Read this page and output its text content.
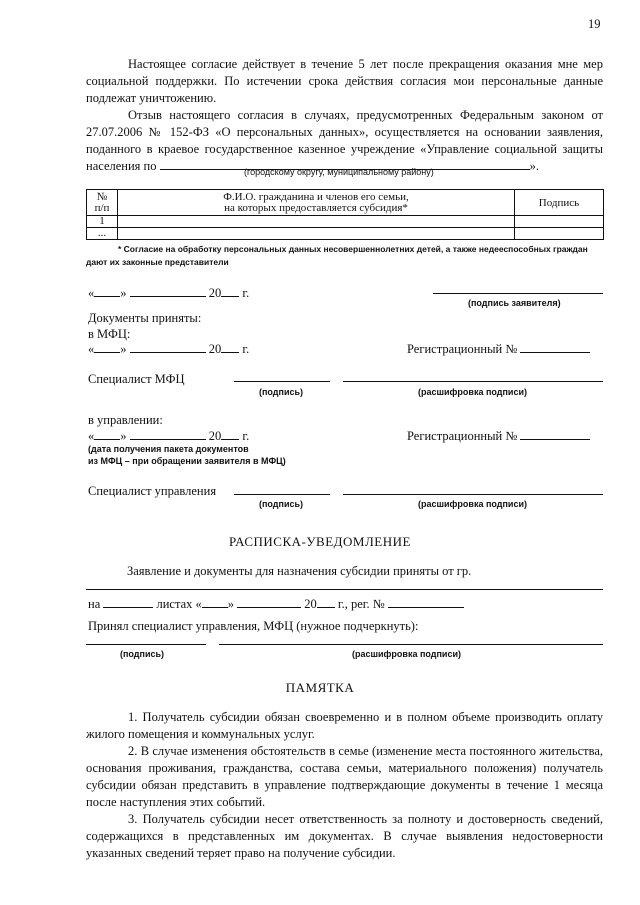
19
Настоящее согласие действует в течение 5 лет после прекращения оказания мне мер социальной поддержки. По истечении срока действия согласия мои персональные данные подлежат уничтожению.
Отзыв настоящего согласия в случаях, предусмотренных Федеральным законом от 27.07.2006 № 152-ФЗ «О персональных данных», осуществляется на основании заявления, поданного в краевое государственное казенное учреждение «Управление социальной защиты населения по	».
(городскому округу, муниципальному району)
№
п/п	Ф.И.О. гражданина и членов его семьи,
на которых предоставляется субсидия*	Подпись
1		
...		
* Согласие на обработку персональных данных несовершеннолетних детей, а также недееспособных граждан дают их законные представители
« »	20 г.
(подпись заявителя)
Документы приняты:
в МФЦ:
« »	20 г.	Регистрационный №
Специалист МФЦ
(подпись)	(расшифровка подписи)
в управлении:
« »	20 г.	Регистрационный №
(дата получения пакета документов
из МФЦ – при обращении заявителя в МФЦ)
Специалист управления
(подпись)	(расшифровка подписи)
РАСПИСКА-УВЕДОМЛЕНИЕ
Заявление и документы для назначения субсидии приняты от гр.
на	листах « »	20 г., рег. №
Принял специалист управления, МФЦ (нужное подчеркнуть):
(подпись)	(расшифровка подписи)
ПАМЯТКА
1. Получатель субсидии обязан своевременно и в полном объеме производить оплату жилого помещения и коммунальных услуг.
2. В случае изменения обстоятельств в семье (изменение места постоянного жительства, основания проживания, гражданства, состава семьи, материального положения) получатель субсидии обязан представить в управление подтверждающие документы в течение 1 месяца после наступления этих событий.
3. Получатель субсидии несет ответственность за полноту и достоверность сведений, содержащихся в представленных им документах. В случае выявления недостоверности указанных сведений теряет право на получение субсидии.
